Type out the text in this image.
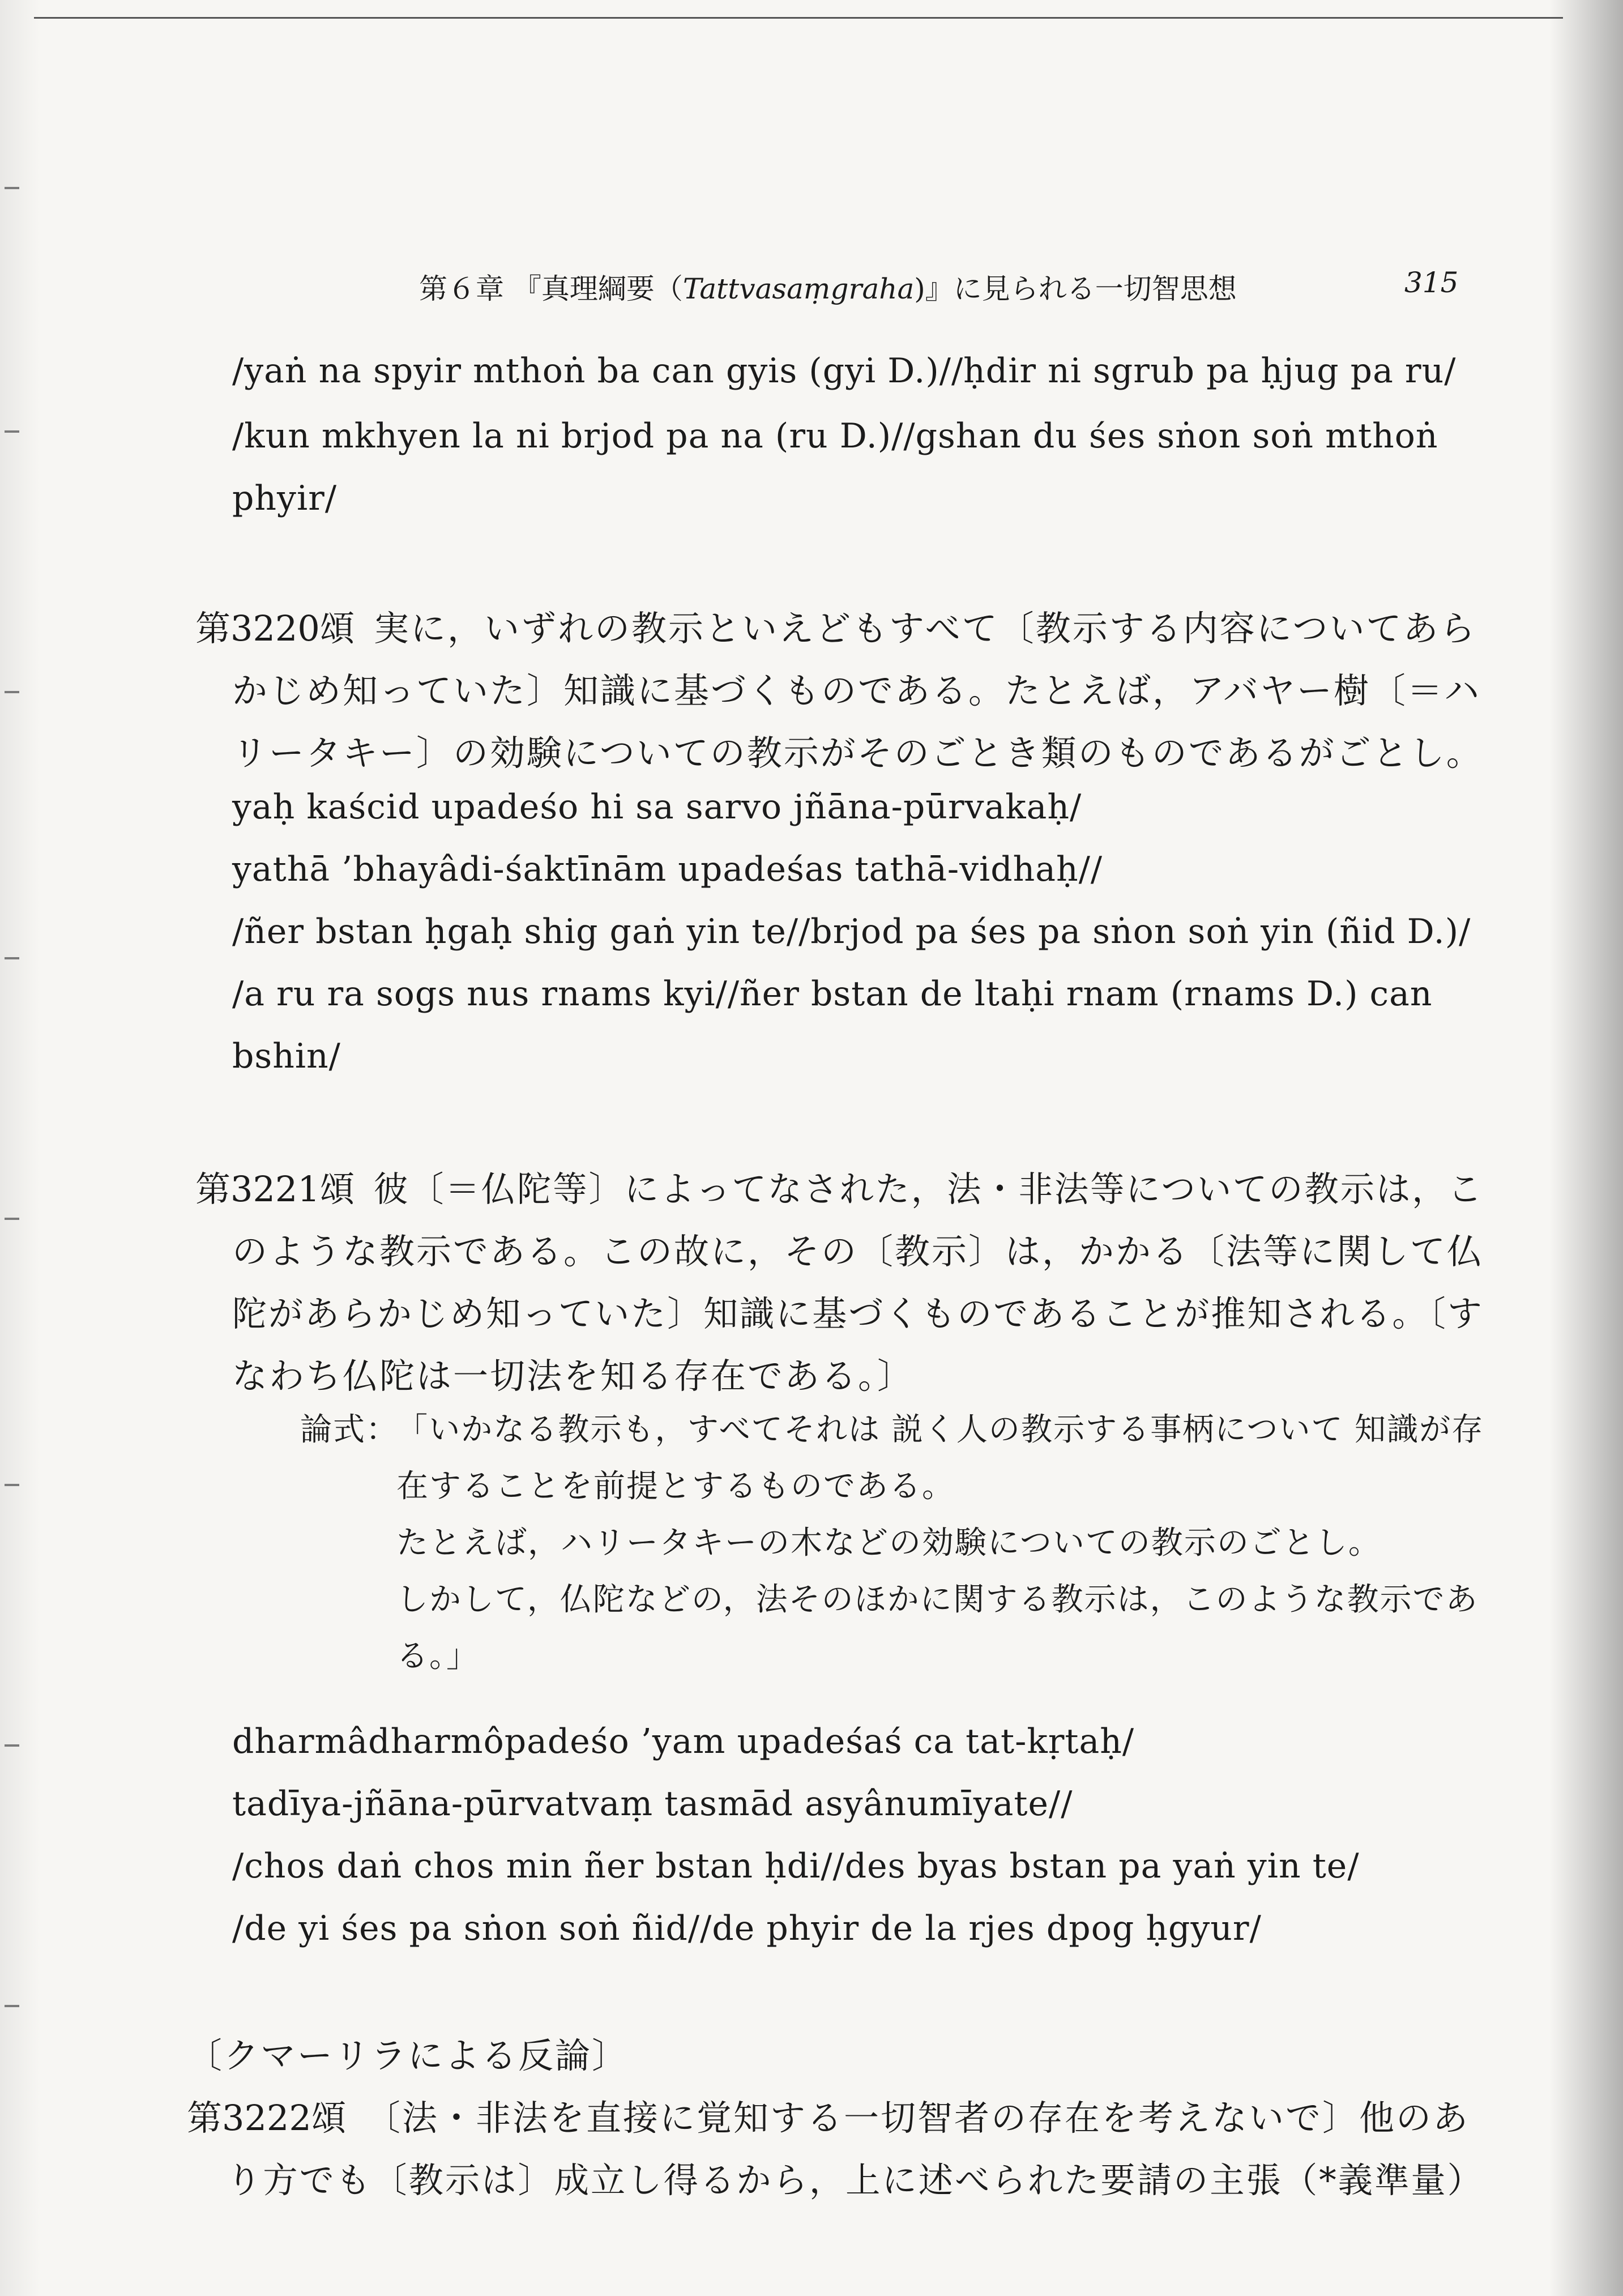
第６章 『真理綱要（Tattvasaṃgraha)』に見られる一切智思想	315
/yaṅ na spyir mthoṅ ba can gyis (gyi D.)//ḥdir ni sgrub pa ḥjug pa ru/
/kun mkhyen la ni brjod pa na (ru D.)//gshan du śes sṅon soṅ mthoṅ
phyir/
第3220頌 実に，いずれの教示といえどもすべて〔教示する内容についてあら
かじめ知っていた〕知識に基づくものである。たとえば，アバヤー樹〔＝ハ
リータキー〕の効験についての教示がそのごとき類のものであるがごとし。
yaḥ kaścid upadeśo hi sa sarvo jñāna-pūrvakaḥ/
yathā ’bhayâdi-śaktīnām upadeśas tathā-vidhaḥ//
/ñer bstan ḥgaḥ shig gaṅ yin te//brjod pa śes pa sṅon soṅ yin (ñid D.)/
/a ru ra sogs nus rnams kyi//ñer bstan de ltaḥi rnam (rnams D.) can
bshin/
第3221頌 彼〔＝仏陀等〕によってなされた，法・非法等についての教示は，こ
のような教示である。この故に，その〔教示〕は，かかる〔法等に関して仏
陀があらかじめ知っていた〕知識に基づくものであることが推知される。〔す
なわち仏陀は一切法を知る存在である。〕
論式：
「いかなる教示も，すべてそれは 説く人の教示する事柄について 知識が存
在することを前提とするものである。
たとえば，ハリータキーの木などの効験についての教示のごとし。
しかして，仏陀などの，法そのほかに関する教示は，このような教示であ
る。」
dharmâdharmôpadeśo ’yam upadeśaś ca tat-kṛtaḥ/
tadīya-jñāna-pūrvatvaṃ tasmād asyânumīyate//
/chos daṅ chos min ñer bstan ḥdi//des byas bstan pa yaṅ yin te/
/de yi śes pa sṅon soṅ ñid//de phyir de la rjes dpog ḥgyur/
〔クマーリラによる反論〕
第3222頌 〔法・非法を直接に覚知する一切智者の存在を考えないで〕他のあ
り方でも〔教示は〕成立し得るから，上に述べられた要請の主張（*義準量）
